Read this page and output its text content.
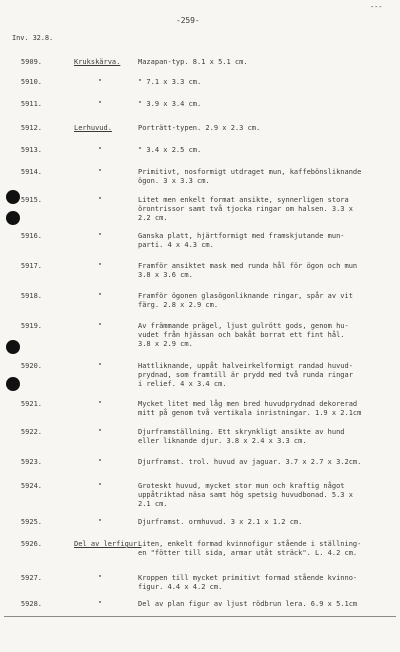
-259-
---
Inv. 32.8.
5909.	Krukskärva.	Mazapan-typ. 8.1 x 5.1 cm.
5910.	"	" 7.1 x 3.3 cm.
5911.	"	" 3.9 x 3.4 cm.
5912.	Lerhuvud.	Porträtt-typen. 2.9 x 2.3 cm.
5913.	"	" 3.4 x 2.5 cm.
5914.	"	Primitivt, nosformigt utdraget mun, kaffebönsliknande
ögon. 3 x 3.3 cm.
5915.	"	Litet men enkelt format ansikte, synnerligen stora
örontrissor samt två tjocka ringar om halsen. 3.3 x
2.2 cm.
5916.	"	Ganska platt, hjärtformigt med framskjutande mun-
parti. 4 x 4.3 cm.
5917.	"	Framför ansiktet mask med runda hål för ögon och mun
3.8 x 3.6 cm.
5918.	"	Framför ögonen glasögonliknande ringar, spår av vit
färg. 2.8 x 2.9 cm.
5919.	"	Av främmande prägel, ljust gulrött gods, genom hu-
vudet från hjässan och bakåt borrat ett fint hål.
3.8 x 2.9 cm.
5920.	"	Hattliknande, uppåt halveirkelformigt randad huvud-
prydnad, som framtill är prydd med två runda ringar
i relief. 4 x 3.4 cm.
5921.	"	Mycket litet med låg men bred huvudprydnad dekorerad
mitt på genom två vertikala inristningar. 1.9 x 2.1cm
5922.	"	Djurframställning. Ett skrynkligt ansikte av hund
eller liknande djur. 3.8 x 2.4 x 3.3 cm.
5923.	"	Djurframst. trol. huvud av jaguar. 3.7 x 2.7 x 3.2cm.
5924.	"	Groteskt huvud, mycket stor mun och kraftig något
uppåtriktad näsa samt hög spetsig huvudbonad. 5.3 x
2.1 cm.
5925.	"	Djurframst. ormhuvud. 3 x 2.1 x 1.2 cm.
5926.	Del av lerfigur.
Liten, enkelt formad kvinnofigur stående i ställning-
en "fötter till sida, armar utåt sträck". L. 4.2 cm.
5927.	"	Kroppen till mycket primitivt formad stående kvinno-
figur. 4.4 x 4.2 cm.
5928.	"	Del av plan figur av ljust rödbrun lera. 6.9 x 5.1cm
